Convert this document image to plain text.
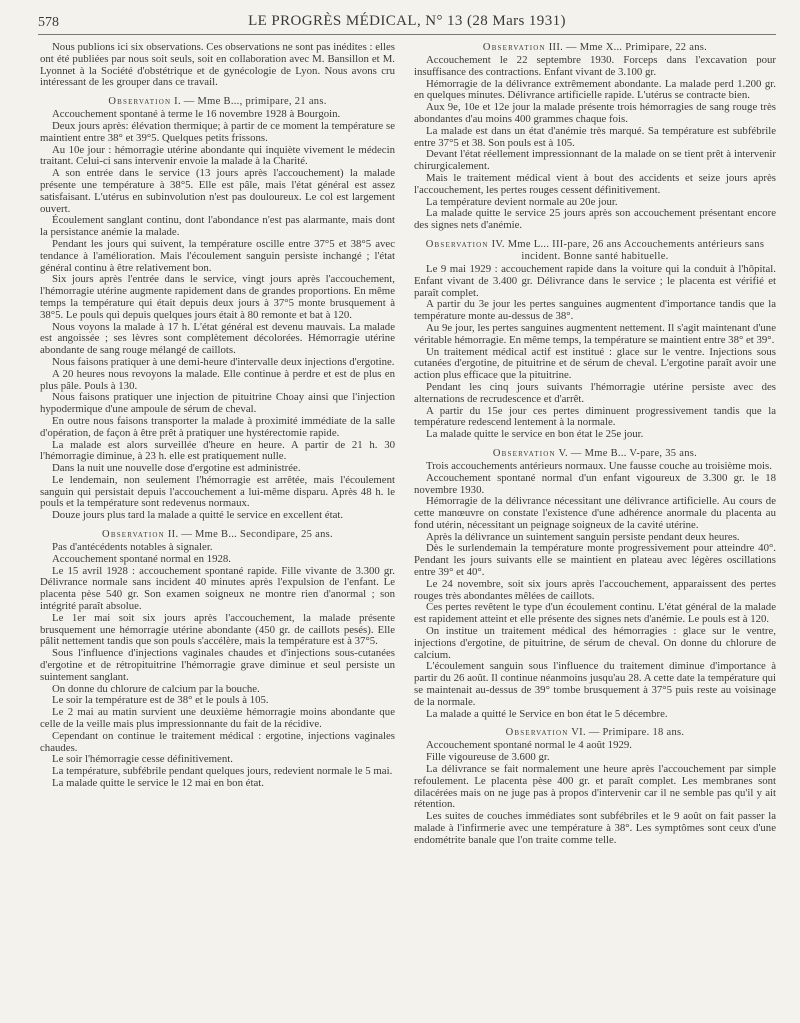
578	LE PROGRÈS MÉDICAL, N° 13 (28 Mars 1931)

Nous publions ici six observations. Ces observations ne sont pas inédites : elles ont été publiées par nous soit seuls, soit en collaboration avec M. Bansillon et M. Lyonnet à la Société d'obstétrique et de gynécologie de Lyon. Nous avons cru intéressant de les grouper dans ce travail.

Observation I. — Mme B..., primipare, 21 ans.

Accouchement spontané à terme le 16 novembre 1928 à Bourgoin.

Deux jours après: élévation thermique; à partir de ce moment la température se maintient entre 38° et 39°5. Quelques petits frissons.

Au 10e jour : hémorragie utérine abondante qui inquiète vivement le médecin traitant. Celui-ci sans intervenir envoie la malade à la Charité.

A son entrée dans le service (13 jours après l'accouchement) la malade présente une température à 38°5. Elle est pâle, mais l'état général est assez satisfaisant. L'utérus en subinvolution n'est pas douloureux. Le col est largement ouvert.

Écoulement sanglant continu, dont l'abondance n'est pas alarmante, mais dont la persistance anémie la malade.

Pendant les jours qui suivent, la température oscille entre 37°5 et 38°5 avec tendance à l'amélioration. Mais l'écoulement sanguin persiste inchangé ; l'état général continu à être relativement bon.

Six jours après l'entrée dans le service, vingt jours après l'accouchement, l'hémorragie utérine augmente rapidement dans de grandes proportions. En même temps la température qui était depuis deux jours à 37°5 monte brusquement à 38°5. Le pouls qui depuis quelques jours était à 80 remonte et bat à 120.

Nous voyons la malade à 17 h. L'état général est devenu mauvais. La malade est angoissée ; ses lèvres sont complètement décolorées. Hémorragie utérine abondante de sang rouge mélangé de caillots.

Nous faisons pratiquer à une demi-heure d'intervalle deux injections d'ergotine.

A 20 heures nous revoyons la malade. Elle continue à perdre et est de plus en plus pâle. Pouls à 130.

Nous faisons pratiquer une injection de pituitrine Choay ainsi que l'injection hypodermique d'une ampoule de sérum de cheval.

En outre nous faisons transporter la malade à proximité immédiate de la salle d'opération, de façon à être prêt à pratiquer une hystérectomie rapide.

La malade est alors surveillée d'heure en heure. A partir de 21 h. 30 l'hémorragie diminue, à 23 h. elle est pratiquement nulle.

Dans la nuit une nouvelle dose d'ergotine est administrée.

Le lendemain, non seulement l'hémorragie est arrêtée, mais l'écoulement sanguin qui persistait depuis l'accouchement a lui-même disparu. Après 48 h. le pouls et la température sont redevenus normaux.

Douze jours plus tard la malade a quitté le service en excellent état.

Observation II. — Mme B... Secondipare, 25 ans.

Pas d'antécédents notables à signaler.

Accouchement spontané normal en 1928.

Le 15 avril 1928 : accouchement spontané rapide. Fille vivante de 3.300 gr. Délivrance normale sans incident 40 minutes après l'expulsion de l'enfant. Le placenta pèse 540 gr. Son examen soigneux ne montre rien d'anormal ; son intégrité paraît absolue.

Le 1er mai soit six jours après l'accouchement, la malade présente brusquement une hémorragie utérine abondante (450 gr. de caillots pesés). Elle pâlit nettement tandis que son pouls s'accélère, mais la température est à 37°5.

Sous l'influence d'injections vaginales chaudes et d'injections sous-cutanées d'ergotine et de rétropituitrine l'hémorragie grave diminue et seul persiste un suintement sanglant.

On donne du chlorure de calcium par la bouche.

Le soir la température est de 38° et le pouls à 105.

Le 2 mai au matin survient une deuxième hémorragie moins abondante que celle de la veille mais plus impressionnante du fait de la récidive.

Cependant on continue le traitement médical : ergotine, injections vaginales chaudes.

Le soir l'hémorragie cesse définitivement.

La température, subfébrile pendant quelques jours, redevient normale le 5 mai.

La malade quitte le service le 12 mai en bon état.

Observation III. — Mme X... Primipare, 22 ans.

Accouchement le 22 septembre 1930. Forceps dans l'excavation pour insuffisance des contractions. Enfant vivant de 3.100 gr.

Hémorragie de la délivrance extrêmement abondante. La malade perd 1.200 gr. en quelques minutes. Délivrance artificielle rapide. L'utérus se contracte bien.

Aux 9e, 10e et 12e jour la malade présente trois hémorragies de sang rouge très abondantes d'au moins 400 grammes chaque fois.

La malade est dans un état d'anémie très marqué. Sa température est subfébrile entre 37°5 et 38. Son pouls est à 105.

Devant l'état réellement impressionnant de la malade on se tient prêt à intervenir chirurgicalement.

Mais le traitement médical vient à bout des accidents et seize jours après l'accouchement, les pertes rouges cessent définitivement.

La température devient normale au 20e jour.

La malade quitte le service 25 jours après son accouchement présentant encore des signes nets d'anémie.

Observation IV. Mme L... III-pare, 26 ans Accouchements antérieurs sans incident. Bonne santé habituelle.

Le 9 mai 1929 : accouchement rapide dans la voiture qui la conduit à l'hôpital. Enfant vivant de 3.400 gr. Délivrance dans le service ; le placenta est vérifié et paraît complet.

A partir du 3e jour les pertes sanguines augmentent d'importance tandis que la température monte au-dessus de 38°.

Au 9e jour, les pertes sanguines augmentent nettement. Il s'agit maintenant d'une véritable hémorragie. En même temps, la température se maintient entre 38° et 39°.

Un traitement médical actif est institué : glace sur le ventre. Injections sous cutanées d'ergotine, de pituitrine et de sérum de cheval. L'ergotine paraît avoir une action plus efficace que la pituitrine.

Pendant les cinq jours suivants l'hémorragie utérine persiste avec des alternations de recrudescence et d'arrêt.

A partir du 15e jour ces pertes diminuent progressivement tandis que la température redescend lentement à la normale.

La malade quitte le service en bon état le 25e jour.

Observation V. — Mme B... V-pare, 35 ans.

Trois accouchements antérieurs normaux. Une fausse couche au troisième mois.

Accouchement spontané normal d'un enfant vigoureux de 3.300 gr. le 18 novembre 1930.

Hémorragie de la délivrance nécessitant une délivrance artificielle. Au cours de cette manœuvre on constate l'existence d'une adhérence anormale du placenta au fond utérin, nécessitant un peignage soigneux de la cavité utérine.

Après la délivrance un suintement sanguin persiste pendant deux heures.

Dès le surlendemain la température monte progressivement pour atteindre 40°. Pendant les jours suivants elle se maintient en plateau avec légères oscillations entre 39° et 40°.

Le 24 novembre, soit six jours après l'accouchement, apparaissent des pertes rouges très abondantes mêlées de caillots.

Ces pertes revêtent le type d'un écoulement continu. L'état général de la malade est rapidement atteint et elle présente des signes nets d'anémie. Le pouls est à 120.

On institue un traitement médical des hémorragies : glace sur le ventre, injections d'ergotine, de pituitrine, de sérum de cheval. On donne du chlorure de calcium.

L'écoulement sanguin sous l'influence du traitement diminue d'importance à partir du 26 août. Il continue néanmoins jusqu'au 28. A cette date la température qui se maintenait au-dessus de 39° tombe brusquement à 37°5 puis reste au voisinage de la normale.

La malade a quitté le Service en bon état le 5 décembre.

Observation VI. — Primipare. 18 ans.

Accouchement spontané normal le 4 août 1929.

Fille vigoureuse de 3.600 gr.

La délivrance se fait normalement une heure après l'accouchement par simple refoulement. Le placenta pèse 400 gr. et paraît complet. Les membranes sont dilacérées mais on ne juge pas à propos d'intervenir car il ne semble pas qu'il y ait rétention.

Les suites de couches immédiates sont subfébriles et le 9 août on fait passer la malade à l'infirmerie avec une température à 38°. Les symptômes sont ceux d'une endométrite banale que l'on traite comme telle.
